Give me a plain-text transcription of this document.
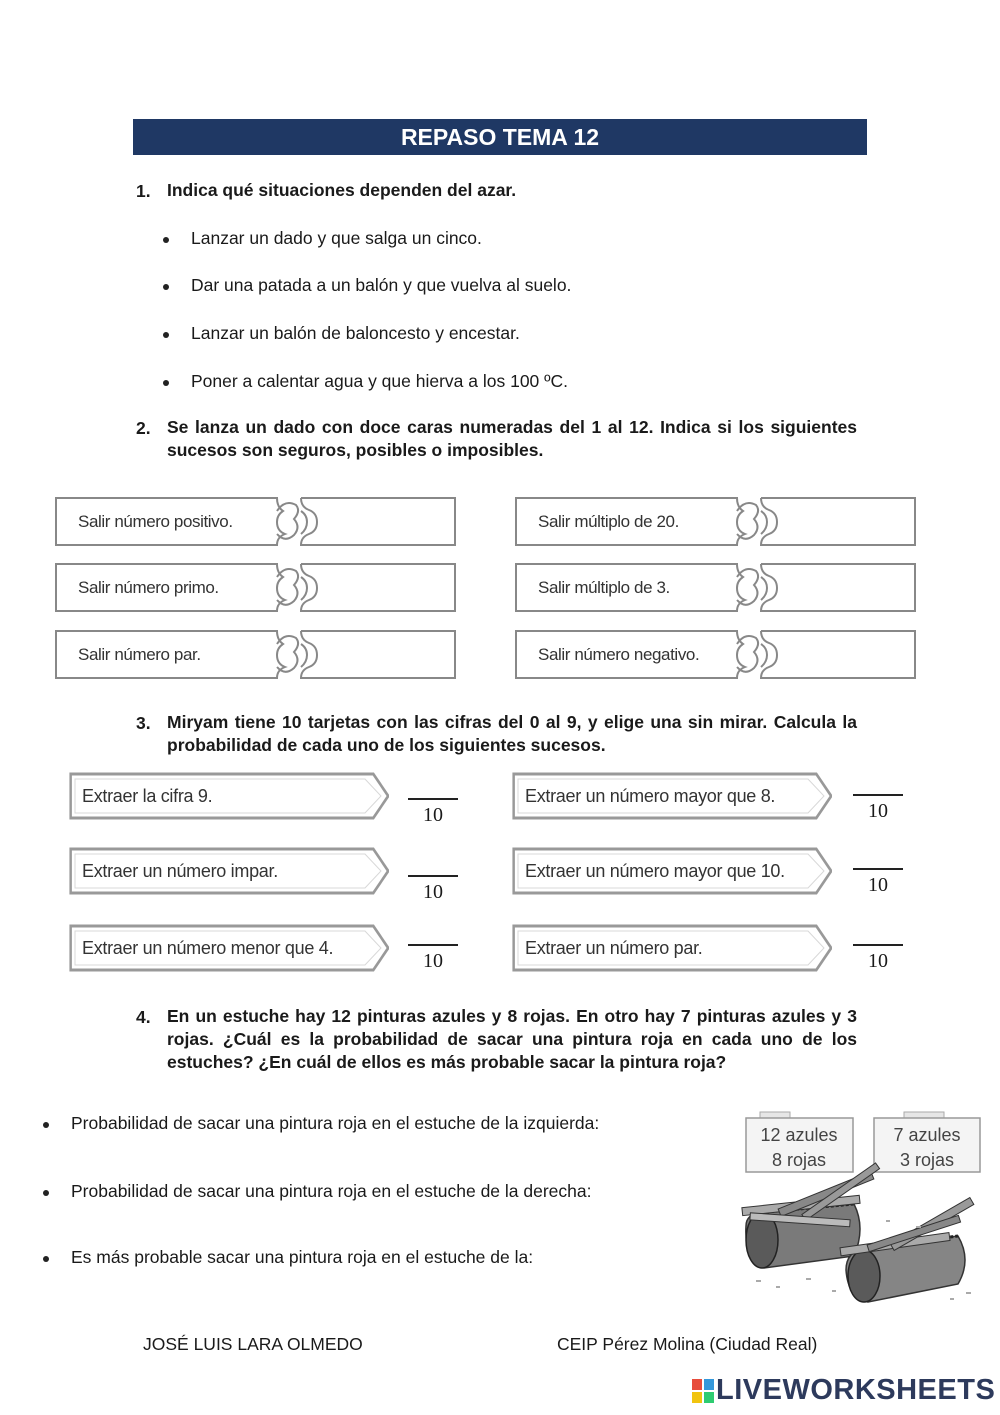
REPASO TEMA 12
1. Indica qué situaciones dependen del azar.
Lanzar un dado y que salga un cinco.
Dar una patada a un balón y que vuelva al suelo.
Lanzar un balón de baloncesto y encestar.
Poner a calentar agua y que hierva a los 100 ºC.
2. Se lanza un dado con doce caras numeradas del 1 al 12. Indica si los siguientes sucesos son seguros, posibles o imposibles.
Salir número positivo.
Salir número primo.
Salir número par.
Salir múltiplo de 20.
Salir múltiplo de 3.
Salir número negativo.
3. Miryam tiene 10 tarjetas con las cifras del 0 al 9, y elige una sin mirar. Calcula la probabilidad de cada uno de los siguientes sucesos.
Extraer la cifra 9.
Extraer un número impar.
Extraer un número menor que 4.
Extraer un número mayor que 8.
Extraer un número mayor que 10.
Extraer un número par.
10
10
10
10
10
10
4. En un estuche hay 12 pinturas azules y 8 rojas. En otro hay 7 pinturas azules y 3 rojas. ¿Cuál es la probabilidad de sacar una pintura roja en cada uno de los estuches? ¿En cuál de ellos es más probable sacar la pintura roja?
Probabilidad de sacar una pintura roja en el estuche de la izquierda:
Probabilidad de sacar una pintura roja en el estuche de la derecha:
Es más probable sacar una pintura roja en el estuche de la:
12 azules
8 rojas
7 azules
3 rojas
JOSÉ LUIS LARA OLMEDO	CEIP Pérez Molina (Ciudad Real)
LIVEWORKSHEETS
